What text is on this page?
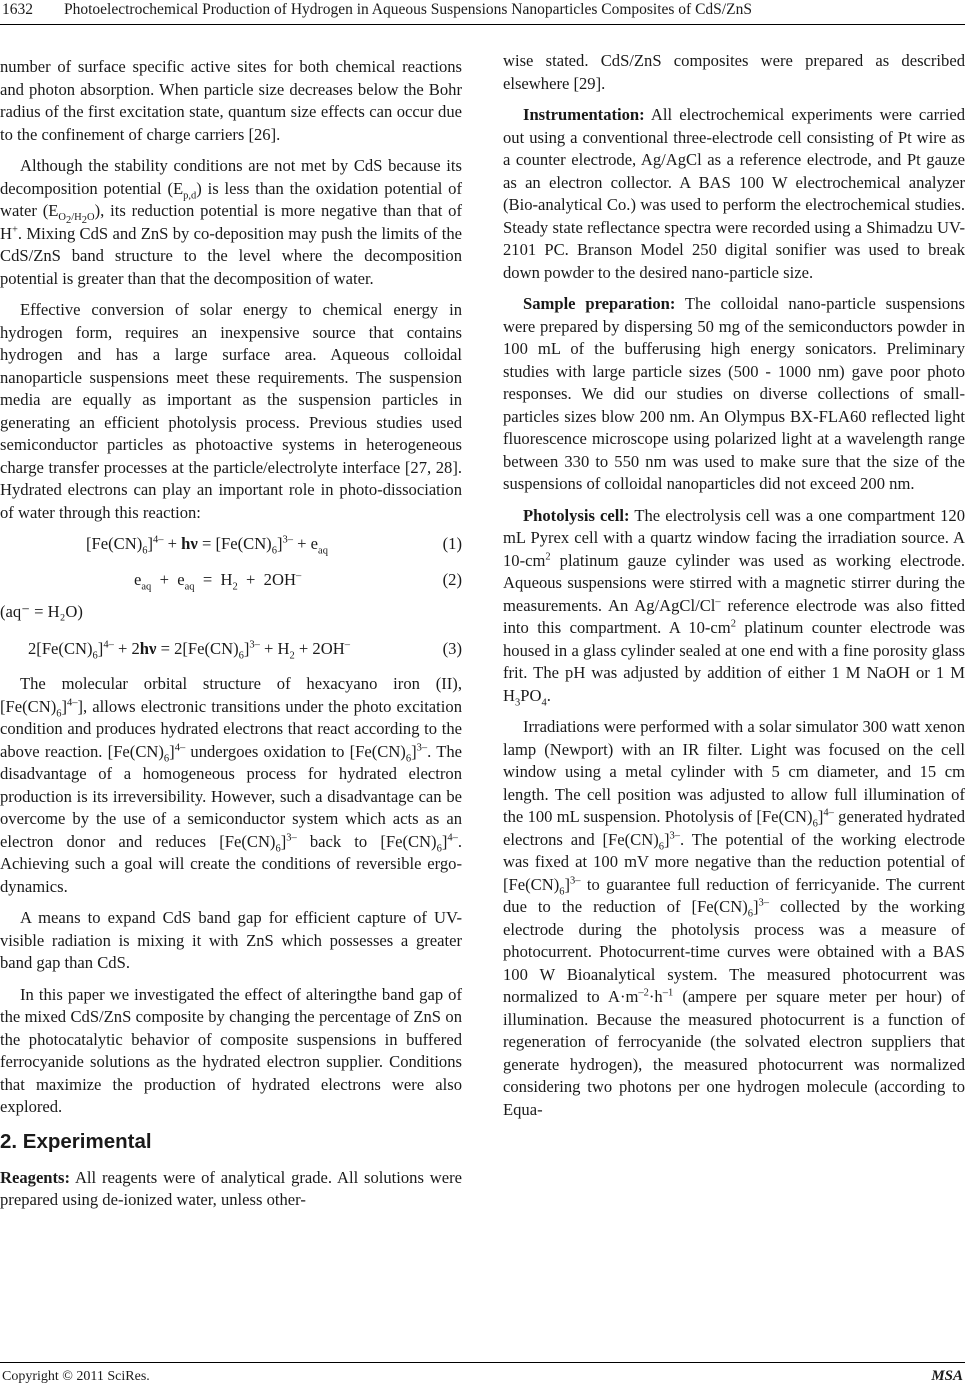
1632 Photoelectrochemical Production of Hydrogen in Aqueous Suspensions Nanoparticles Composites of CdS/ZnS

number of surface specific active sites for both chemical reactions and photon absorption. When particle size decreases below the Bohr radius of the first excitation state, quantum size effects can occur due to the confinement of charge carriers [26].

Although the stability conditions are not met by CdS because its decomposition potential $(E_{p,d})$ is less than the oxidation potential of water $(E_{O_2/H_2O})$, its reduction potential is more negative than that of H+. Mixing CdS and ZnS by co-deposition may push the limits of the CdS/ZnS band structure to the level where the decomposition potential is greater than that the decomposition of water.

Effective conversion of solar energy to chemical energy in hydrogen form, requires an inexpensive source that contains hydrogen and has a large surface area. Aqueous colloidal nanoparticle suspensions meet these requirements. The suspension media are equally as important as the suspension particles in generating an efficient photolysis process. Previous studies used semiconductor particles as photoactive systems in heterogeneous charge transfer processes at the particle/electrolyte interface [27, 28]. Hydrated electrons can play an important role in photo-dissociation of water through this reaction:

$[Fe(CN)_6]^{4-} + h\nu = [Fe(CN)_6]^{3-} + e_{aq}$	(1)
$e_{aq} + e_{aq} = H_2 + 2OH^-$	(2)
(aq⁻ = H₂O)
$2[Fe(CN)_6]^{4-} + 2h\nu = 2[Fe(CN)_6]^{3-} + H_2 + 2OH^-$	(3)

The molecular orbital structure of hexacyano iron (II), $[Fe(CN)_6]^{4-}$], allows electronic transitions under the photo excitation condition and produces hydrated electrons that react according to the above reaction. $[Fe(CN)_6]^{4-}$ undergoes oxidation to $[Fe(CN)_6]^{3-}$. The disadvantage of a homogeneous process for hydrated electron production is its irreversibility. However, such a disadvantage can be overcome by the use of a semiconductor system which acts as an electron donor and reduces $[Fe(CN)_6]^{3-}$ back to $[Fe(CN)_6]^{4-}$. Achieving such a goal will create the conditions of reversible ergo-dynamics.

A means to expand CdS band gap for efficient capture of UV-visible radiation is mixing it with ZnS which possesses a greater band gap than CdS.

In this paper we investigated the effect of alteringthe band gap of the mixed CdS/ZnS composite by changing the percentage of ZnS on the photocatalytic behavior of composite suspensions in buffered ferrocyanide solutions as the hydrated electron supplier. Conditions that maximize the production of hydrated electrons were also explored.

2. Experimental

Reagents: All reagents were of analytical grade. All solutions were prepared using de-ionized water, unless other-

wise stated. CdS/ZnS composites were prepared as described elsewhere [29].

Instrumentation: All electrochemical experiments were carried out using a conventional three-electrode cell consisting of Pt wire as a counter electrode, Ag/AgCl as a reference electrode, and Pt gauze as an electron collector. A BAS 100 W electrochemical analyzer (Bio-analytical Co.) was used to perform the electrochemical studies. Steady state reflectance spectra were recorded using a Shimadzu UV-2101 PC. Branson Model 250 digital sonifier was used to break down powder to the desired nano-particle size.

Sample preparation: The colloidal nano-particle suspensions were prepared by dispersing 50 mg of the semiconductors powder in 100 mL of the bufferusing high energy sonicators. Preliminary studies with large particle sizes (500 - 1000 nm) gave poor photo responses. We did our studies on diverse collections of small-particles sizes blow 200 nm. An Olympus BX-FLA60 reflected light fluorescence microscope using polarized light at a wavelength range between 330 to 550 nm was used to make sure that the size of the suspensions of colloidal nanoparticles did not exceed 200 nm.

Photolysis cell: The electrolysis cell was a one compartment 120 mL Pyrex cell with a quartz window facing the irradiation source. A $10-cm^2$ platinum gauze cylinder was used as working electrode. Aqueous suspensions were stirred with a magnetic stirrer during the measurements. An Ag/AgCl/Cl– reference electrode was also fitted into this compartment. A $10-cm^2$ platinum counter electrode was housed in a glass cylinder sealed at one end with a fine porosity glass frit. The pH was adjusted by addition of either 1 M NaOH or 1 M $H_3PO_4$.

Irradiations were performed with a solar simulator 300 watt xenon lamp (Newport) with an IR filter. Light was focused on the cell window using a metal cylinder with 5 cm diameter, and 15 cm length. The cell position was adjusted to allow full illumination of the 100 mL suspension. Photolysis of $[Fe(CN)_6]^{4-}$ generated hydrated electrons and $[Fe(CN)_6]^{3-}$. The potential of the working electrode was fixed at 100 mV more negative than the reduction potential of $[Fe(CN)_6]^{3-}$ to guarantee full reduction of ferricyanide. The current due to the reduction of $[Fe(CN)_6]^{3-}$ collected by the working electrode during the photolysis process was a measure of photocurrent. Photocurrent-time curves were obtained with a BAS 100 W Bioanalytical system. The measured photocurrent was normalized to $A\cdot m^{-2}\cdot h^{-1}$ (ampere per square meter per hour) of illumination. Because the measured photocurrent is a function of regeneration of ferrocyanide (the solvated electron suppliers that generate hydrogen), the measured photocurrent was normalized considering two photons per one hydrogen molecule (according to Equa-

Copyright © 2011 SciRes.	MSA
